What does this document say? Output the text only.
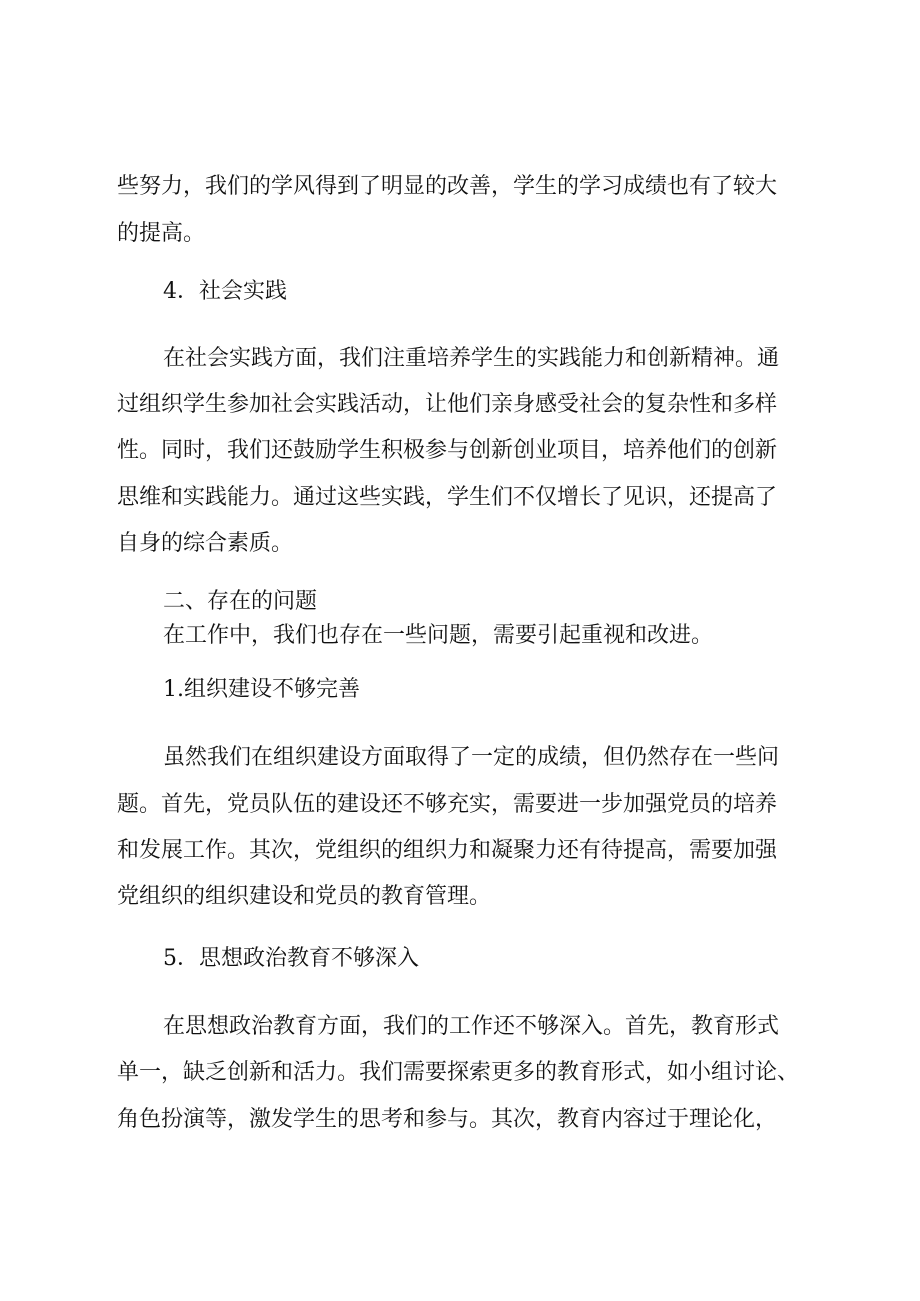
些努力，我们的学风得到了明显的改善，学生的学习成绩也有了较大
的提高。
4．社会实践
在社会实践方面，我们注重培养学生的实践能力和创新精神。通
过组织学生参加社会实践活动，让他们亲身感受社会的复杂性和多样
性。同时，我们还鼓励学生积极参与创新创业项目，培养他们的创新
思维和实践能力。通过这些实践，学生们不仅增长了见识，还提高了
自身的综合素质。
二、存在的问题
在工作中，我们也存在一些问题，需要引起重视和改进。
1.组织建设不够完善
虽然我们在组织建设方面取得了一定的成绩，但仍然存在一些问
题。首先，党员队伍的建设还不够充实，需要进一步加强党员的培养
和发展工作。其次，党组织的组织力和凝聚力还有待提高，需要加强
党组织的组织建设和党员的教育管理。
5．思想政治教育不够深入
在思想政治教育方面，我们的工作还不够深入。首先，教育形式
单一，缺乏创新和活力。我们需要探索更多的教育形式，如小组讨论、
角色扮演等，激发学生的思考和参与。其次，教育内容过于理论化，
